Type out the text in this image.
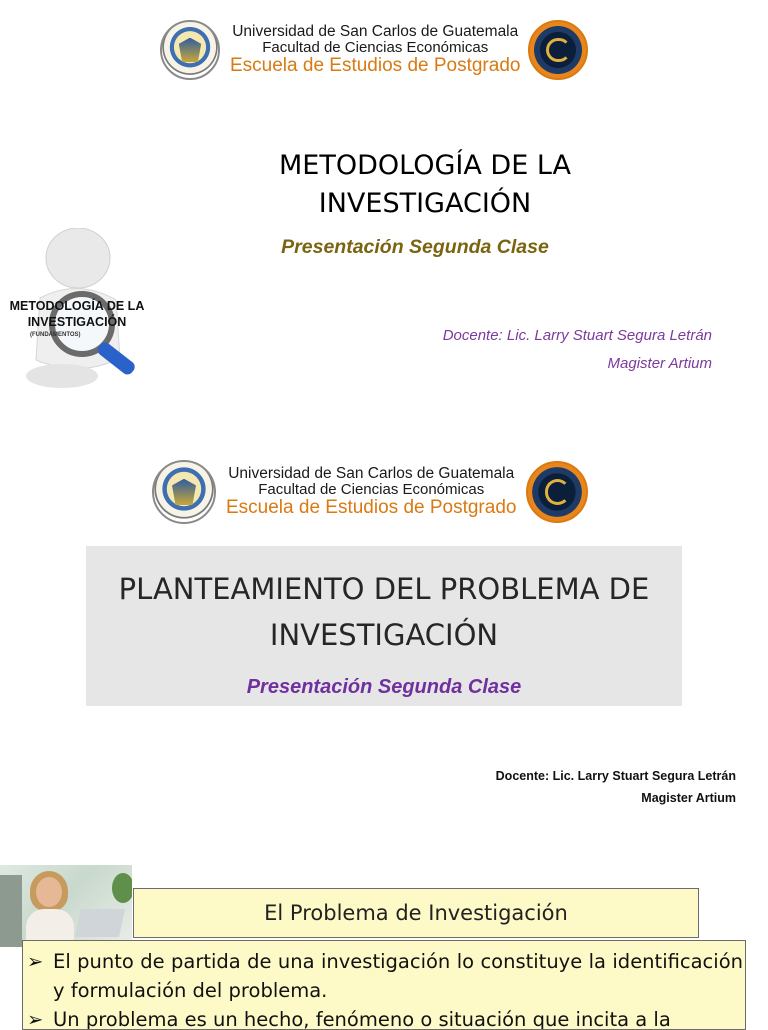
Universidad de San Carlos de Guatemala
Facultad de Ciencias Económicas
Escuela de Estudios de Postgrado
METODOLOGÍA DE LA
INVESTIGACIÓN
Presentación Segunda Clase
METODOLOGÍA DE LA
INVESTIGACIÓN
(FUNDAMENTOS)	Docente: Lic. Larry Stuart Segura Letrán
Magister Artium
Universidad de San Carlos de Guatemala
Facultad de Ciencias Económicas
Escuela de Estudios de Postgrado
PLANTEAMIENTO DEL PROBLEMA DE
INVESTIGACIÓN
Presentación Segunda Clase
Docente: Lic. Larry Stuart Segura Letrán
Magister Artium
El Problema de Investigación
➢ El punto de partida de una investigación lo constituye la identificación y formulación del problema.
➢ Un problema es un hecho, fenómeno o situación que incita a la
